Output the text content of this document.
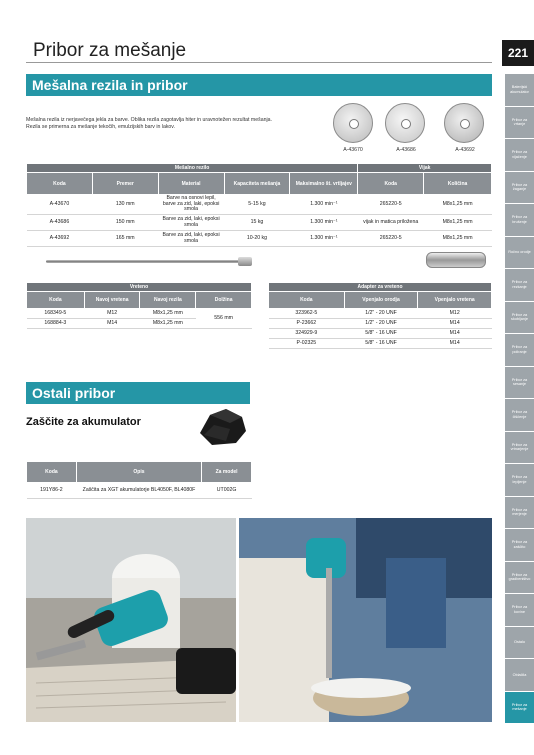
Pribor za mešanje	221
Mešalna rezila in pribor
Mešalna rezila iz nerjavečega jekla za barve. Oblika rezila zagotavlja hiter in uravnotežen rezultat mešanja. Rezila se primerna za mešanje tekočih, emulzijskih barv in lakov.
A-43670	A-43686	A-43692
Mešalno rezilo					Vijak	
Koda	Premer	Material	Kapaciteta mešanja	Maksimalno št. vrtljajev	Koda	Količina
A-43670	130 mm	Barve na osnovi lepil, barve za zid, laki, epoksi smola	5-15 kg	1.300 min⁻¹	265220-5	M8x1,25 mm
A-43686	150 mm	Barve za zid, laki, epoksi smola	15 kg	1.300 min⁻¹	vijak in matica priložena	M8x1,25 mm
A-43692	165 mm	Barve za zid, laki, epoksi smola	10-20 kg	1.300 min⁻¹	265220-5	M8x1,25 mm
Vreteno			
Koda	Navoj vretena	Navoj rezila	Dolžina
168349-5	M12	M8x1,25 mm	556 mm
168884-3	M14	M8x1,25 mm	
Adapter za vreteno		
Koda	Vpenjalo orodja	Vpenjalo vretena
323962-5	1/2" - 20 UNF	M12
P-23662	1/2" - 20 UNF	M14
324929-9	5/8" - 16 UNF	M14
P-02325	5/8" - 16 UNF	M14
Ostali pribor
Zaščite za akumulator
Koda	Opis	Za model
191Y86-2	Zaščita za XGT akumulatorje BL4050F, BL4080F	UT002G
Baterijski akumulator
Pribor za vrtanje
Pribor za vijačenje
Pribor za žaganje
Pribor za brušenje
Ročno orodje
Pribor za rezkanje
Pribor za skobljanje
Pribor za poliranje
Pribor za sesanje
Pribor za čiščenje
Pribor za vrtnarjenje
Pribor za lepljenje
Pribor za merjenje
Pribor za zaščito
Pribor za gradbeništvo
Pribor za kovine
Ostalo
Oblačila
Pribor za mešanje
